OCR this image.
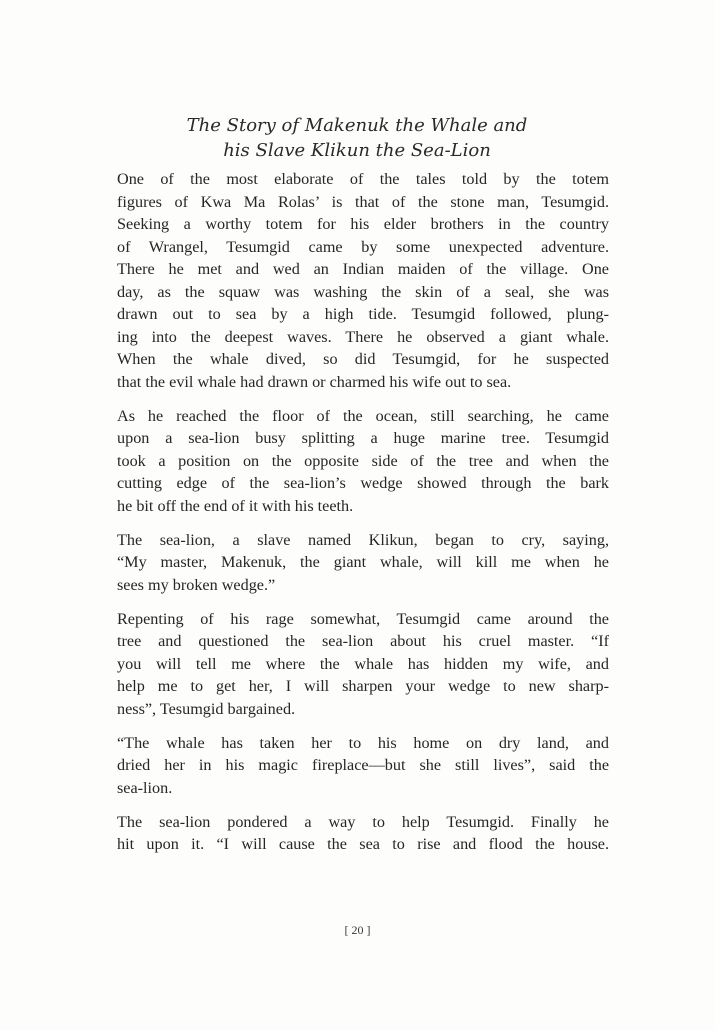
The Story of Makenuk the Whale and

his Slave Klikun the Sea-Lion

One of the most elaborate of the tales told by the totem
figures of Kwa Ma Rolas’ is that of the stone man, Tesumgid.
Seeking a worthy totem for his elder brothers in the country
of Wrangel, Tesumgid came by some unexpected adventure.
There he met and wed an Indian maiden of the village. One
day, as the squaw was washing the skin of a seal, she was
drawn out to sea by a high tide. Tesumgid followed, plung-
ing into the deepest waves. There he observed a giant whale.
When the whale dived, so did Tesumgid, for he suspected
that the evil whale had drawn or charmed his wife out to sea.

As he reached the floor of the ocean, still searching, he came
upon a sea-lion busy splitting a huge marine tree. Tesumgid
took a position on the opposite side of the tree and when the
cutting edge of the sea-lion’s wedge showed through the bark
he bit off the end of it with his teeth.

The sea-lion, a slave named Klikun, began to cry, saying,
“My master, Makenuk, the giant whale, will kill me when he
sees my broken wedge.”

Repenting of his rage somewhat, Tesumgid came around the
tree and questioned the sea-lion about his cruel master. “If
you will tell me where the whale has hidden my wife, and
help me to get her, I will sharpen your wedge to new sharp-
ness”, Tesumgid bargained.

“The whale has taken her to his home on dry land, and
dried her in his magic fireplace—but she still lives”, said the
sea-lion.

The sea-lion pondered a way to help Tesumgid. Finally he
hit upon it. “I will cause the sea to rise and flood the house.

[ 20 ]
